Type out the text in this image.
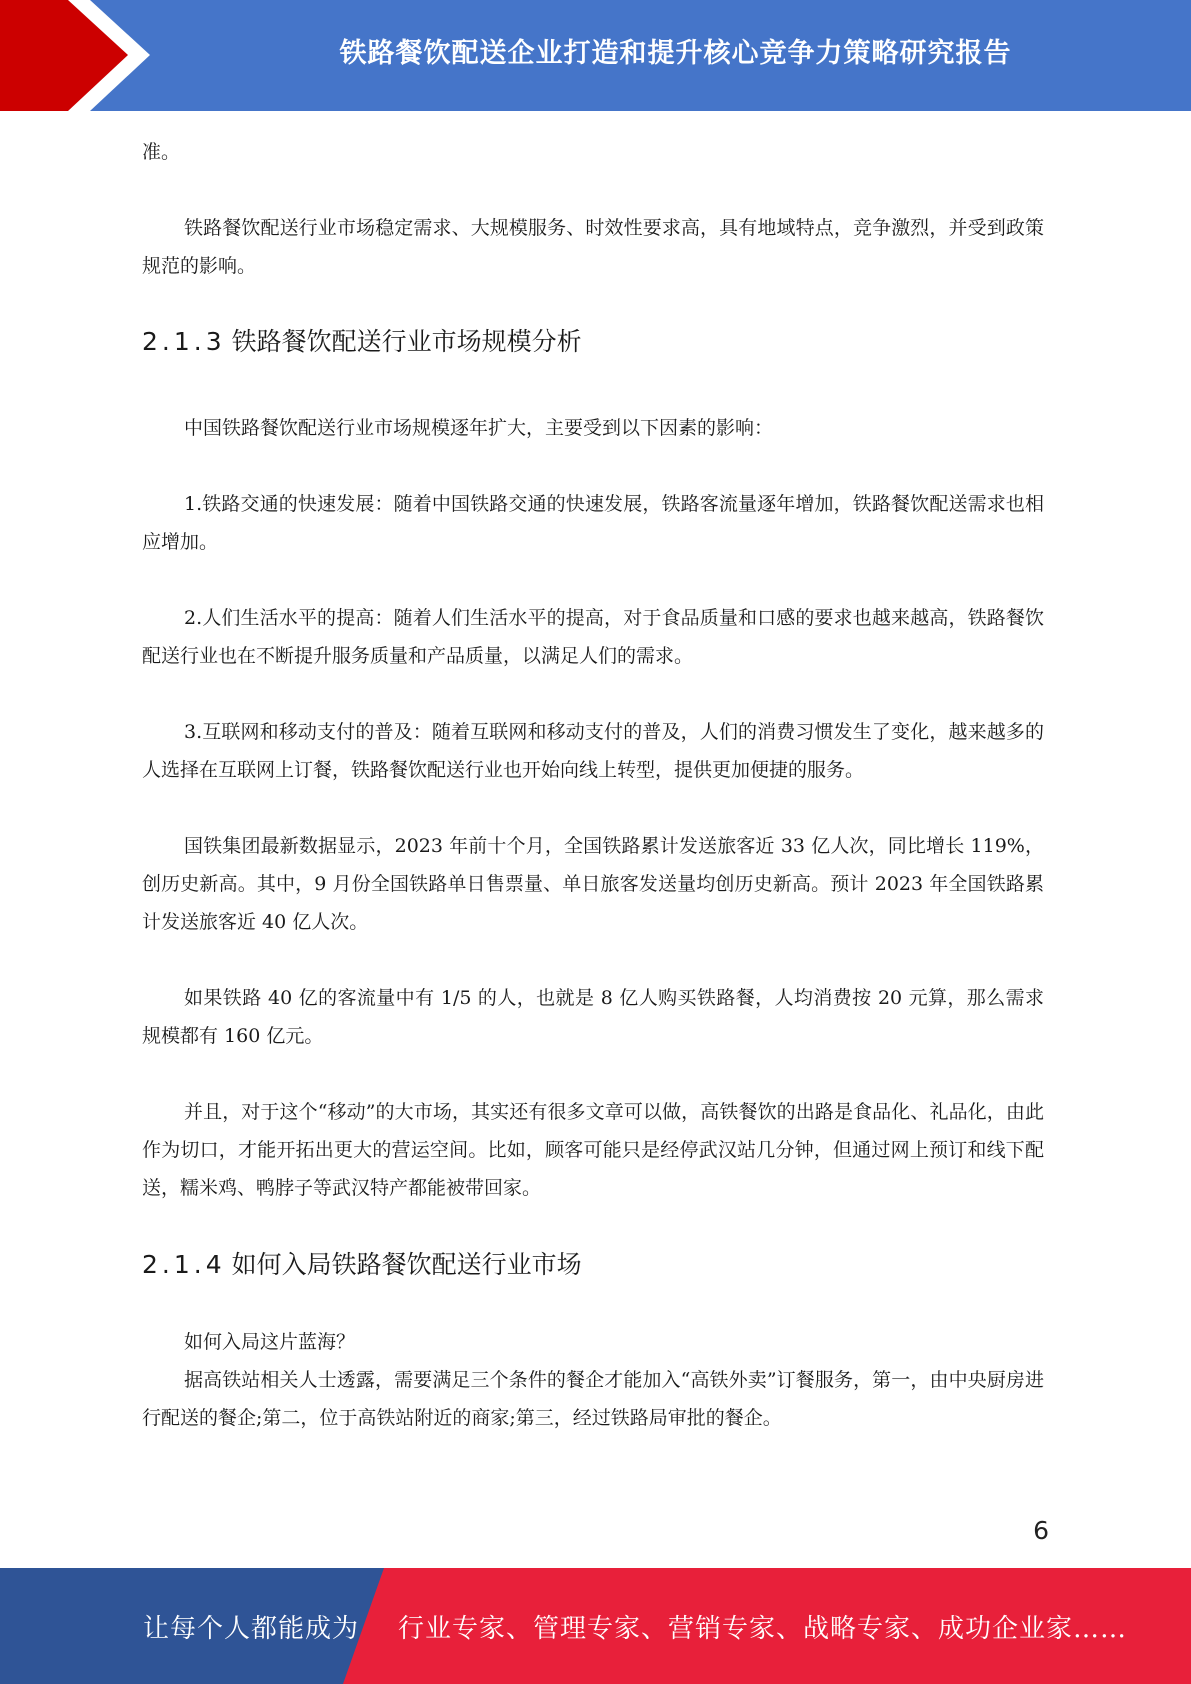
铁路餐饮配送企业打造和提升核心竞争力策略研究报告

准。

铁路餐饮配送行业市场稳定需求、大规模服务、时效性要求高，具有地域特点，竞争激烈，并受到政策规范的影响。

2.1.3 铁路餐饮配送行业市场规模分析

中国铁路餐饮配送行业市场规模逐年扩大，主要受到以下因素的影响：

1.铁路交通的快速发展：随着中国铁路交通的快速发展，铁路客流量逐年增加，铁路餐饮配送需求也相应增加。

2.人们生活水平的提高：随着人们生活水平的提高，对于食品质量和口感的要求也越来越高，铁路餐饮配送行业也在不断提升服务质量和产品质量，以满足人们的需求。

3.互联网和移动支付的普及：随着互联网和移动支付的普及，人们的消费习惯发生了变化，越来越多的人选择在互联网上订餐，铁路餐饮配送行业也开始向线上转型，提供更加便捷的服务。

国铁集团最新数据显示，2023 年前十个月，全国铁路累计发送旅客近 33 亿人次，同比增长 119%，创历史新高。其中，9 月份全国铁路单日售票量、单日旅客发送量均创历史新高。预计 2023 年全国铁路累计发送旅客近 40 亿人次。

如果铁路 40 亿的客流量中有 1/5 的人，也就是 8 亿人购买铁路餐，人均消费按 20 元算，那么需求规模都有 160 亿元。

并且，对于这个“移动”的大市场，其实还有很多文章可以做，高铁餐饮的出路是食品化、礼品化，由此作为切口，才能开拓出更大的营运空间。比如，顾客可能只是经停武汉站几分钟，但通过网上预订和线下配送，糯米鸡、鸭脖子等武汉特产都能被带回家。

2.1.4 如何入局铁路餐饮配送行业市场

如何入局这片蓝海？

据高铁站相关人士透露，需要满足三个条件的餐企才能加入“高铁外卖”订餐服务，第一，由中央厨房进行配送的餐企;第二，位于高铁站附近的商家;第三，经过铁路局审批的餐企。

6
让每个人都能成为 行业专家、管理专家、营销专家、战略专家、成功企业家……
